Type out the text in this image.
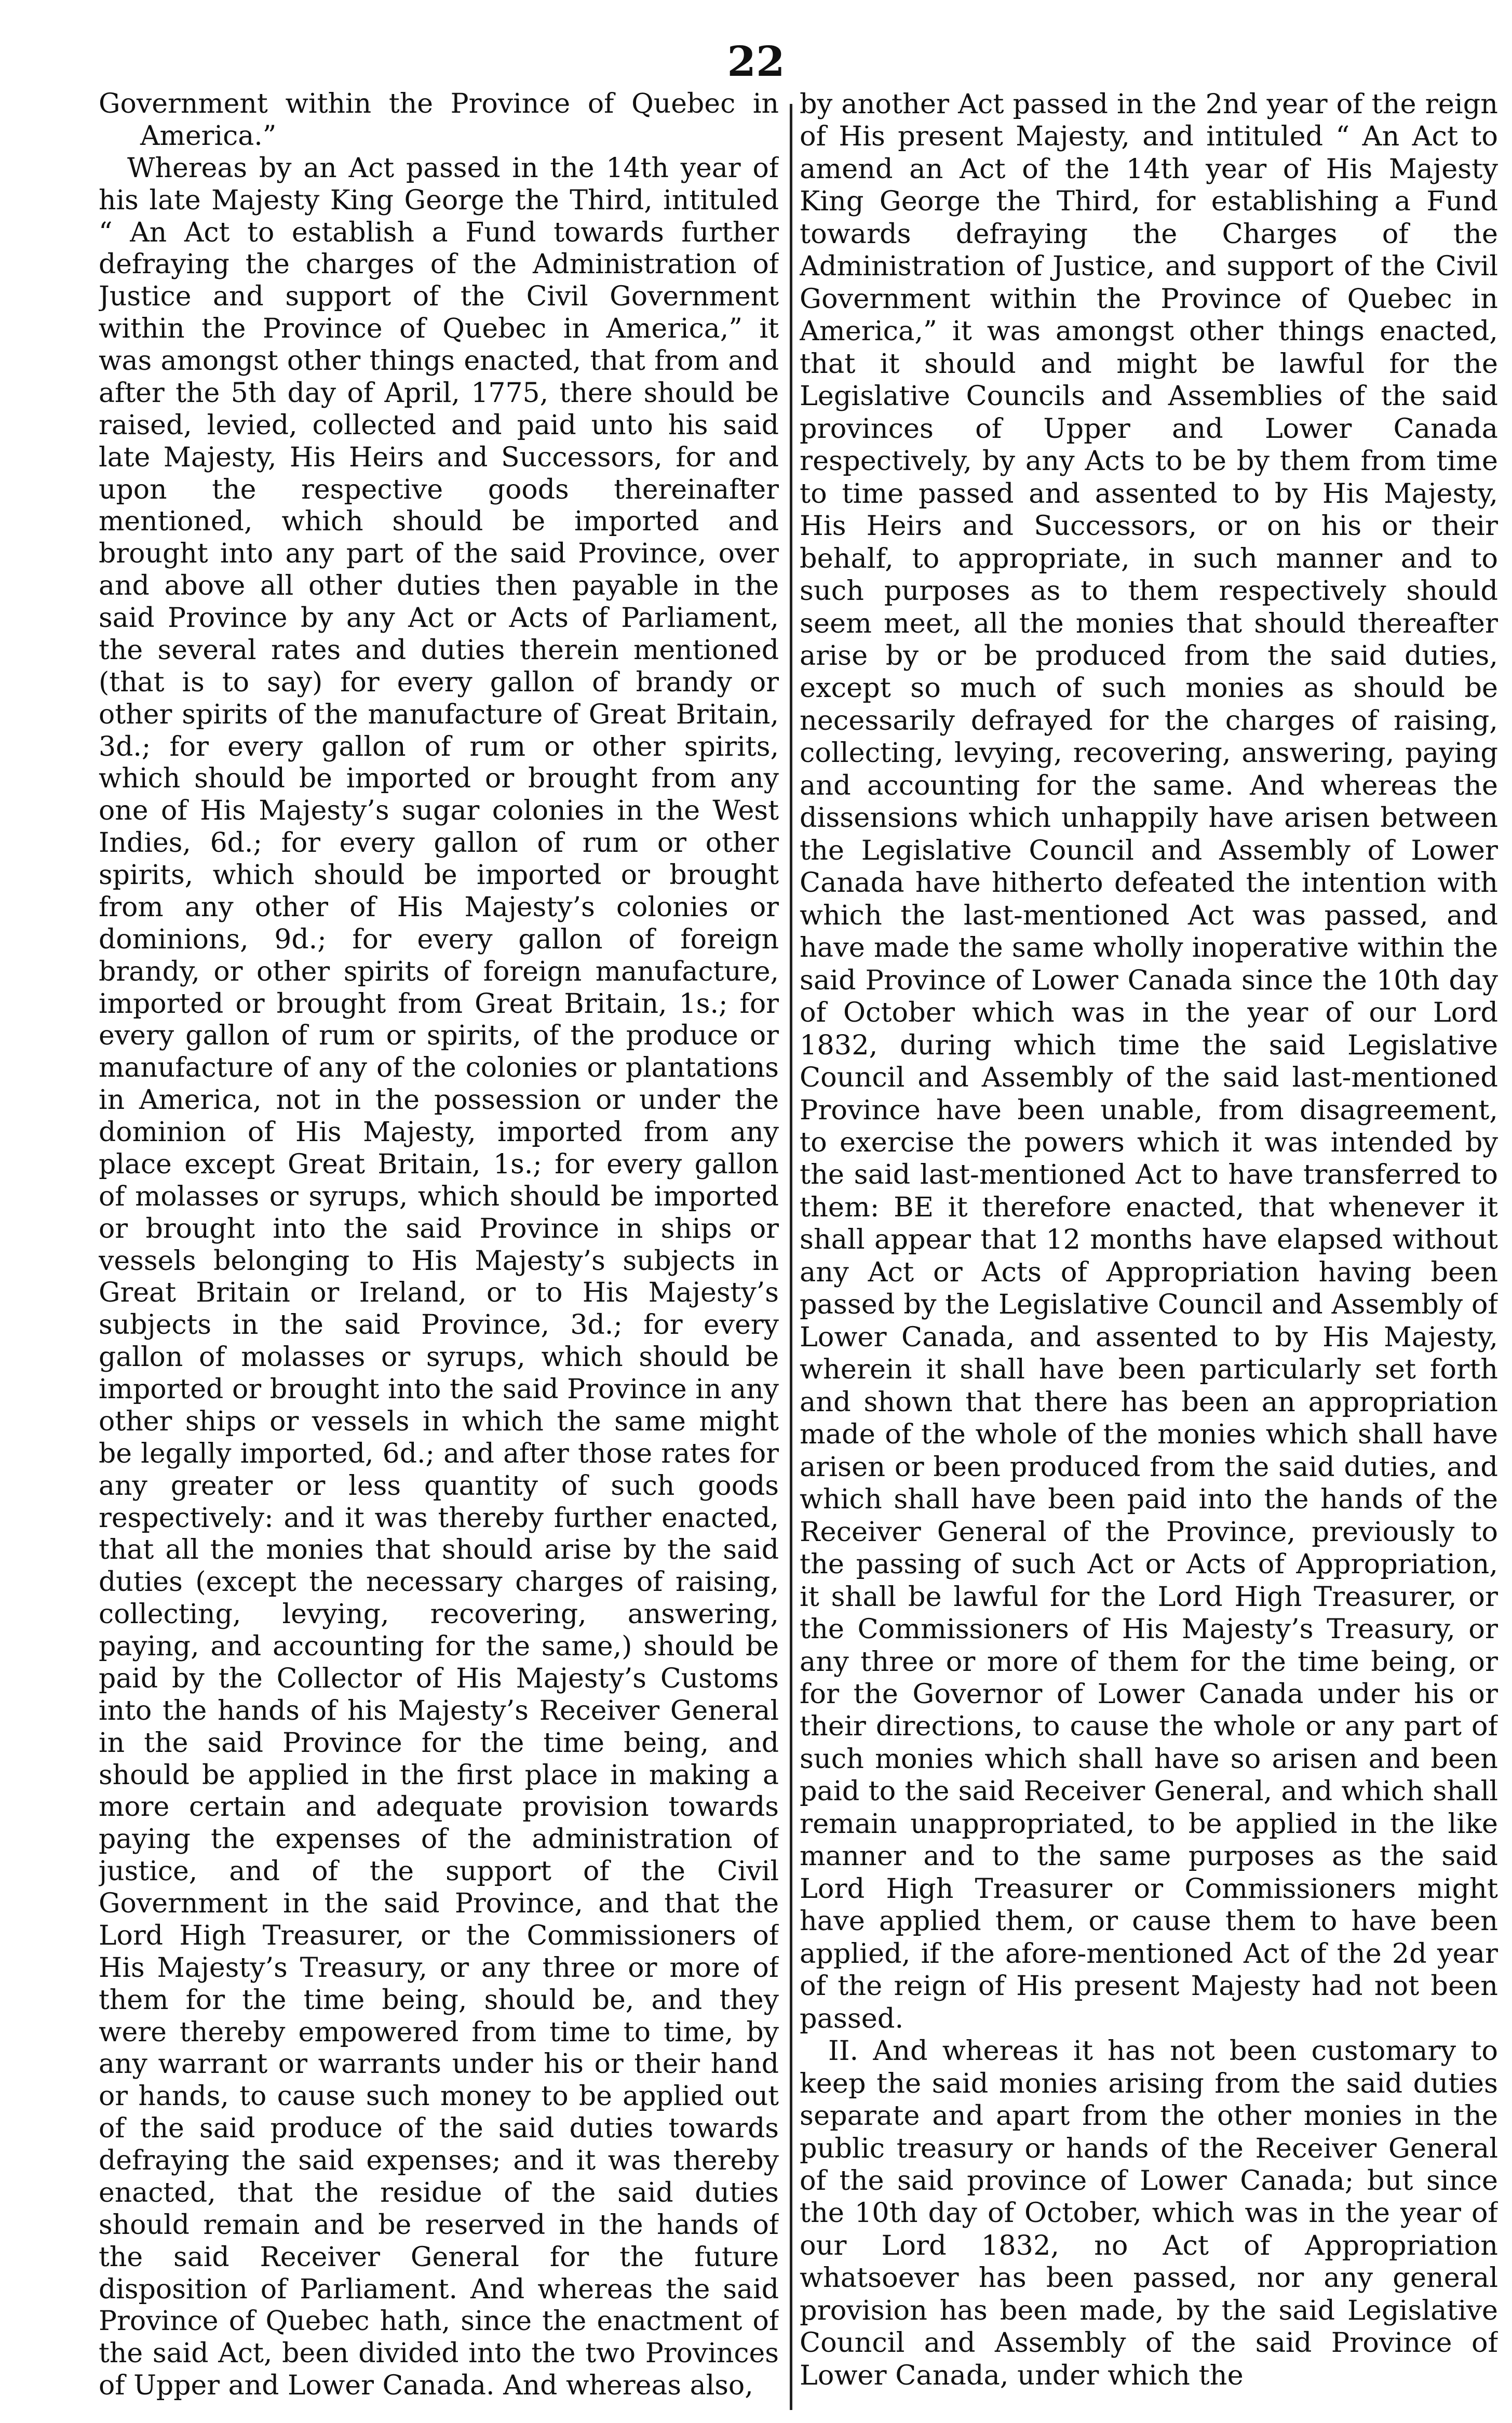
22

Government within the Province of Quebec in America.”

Whereas by an Act passed in the 14th year of his late Majesty King George the Third, intituled “ An Act to establish a Fund towards further defraying the charges of the Administration of Justice and support of the Civil Government within the Province of Quebec in America,” it was amongst other things enacted, that from and after the 5th day of April, 1775, there should be raised, levied, collected and paid unto his said late Majesty, His Heirs and Successors, for and upon the respective goods thereinafter mentioned, which should be imported and brought into any part of the said Province, over and above all other duties then payable in the said Province by any Act or Acts of Parliament, the several rates and duties therein mentioned (that is to say) for every gallon of brandy or other spirits of the manufacture of Great Britain, 3d.; for every gallon of rum or other spirits, which should be imported or brought from any one of His Majesty’s sugar colonies in the West Indies, 6d.; for every gallon of rum or other spirits, which should be imported or brought from any other of His Majesty’s colonies or dominions, 9d.; for every gallon of foreign brandy, or other spirits of foreign manufacture, imported or brought from Great Britain, 1s.; for every gallon of rum or spirits, of the produce or manufacture of any of the colonies or plantations in America, not in the possession or under the dominion of His Majesty, imported from any place except Great Britain, 1s.; for every gallon of molasses or syrups, which should be imported or brought into the said Province in ships or vessels belonging to His Majesty’s subjects in Great Britain or Ireland, or to His Majesty’s subjects in the said Province, 3d.; for every gallon of molasses or syrups, which should be imported or brought into the said Province in any other ships or vessels in which the same might be legally imported, 6d.; and after those rates for any greater or less quantity of such goods respectively: and it was thereby further enacted, that all the monies that should arise by the said duties (except the necessary charges of raising, collecting, levying, recovering, answering, paying, and accounting for the same,) should be paid by the Collector of His Majesty’s Customs into the hands of his Majesty’s Receiver General in the said Province for the time being, and should be applied in the first place in making a more certain and adequate provision towards paying the expenses of the administration of justice, and of the support of the Civil Government in the said Province, and that the Lord High Treasurer, or the Commissioners of His Majesty’s Treasury, or any three or more of them for the time being, should be, and they were thereby empowered from time to time, by any warrant or warrants under his or their hand or hands, to cause such money to be applied out of the said produce of the said duties towards defraying the said expenses; and it was thereby enacted, that the residue of the said duties should remain and be reserved in the hands of the said Receiver General for the future disposition of Parliament. And whereas the said Province of Quebec hath, since the enactment of the said Act, been divided into the two Provinces of Upper and Lower Canada. And whereas also,

by another Act passed in the 2nd year of the reign of His present Majesty, and intituled “ An Act to amend an Act of the 14th year of His Majesty King George the Third, for establishing a Fund towards defraying the Charges of the Administration of Justice, and support of the Civil Government within the Province of Quebec in America,” it was amongst other things enacted, that it should and might be lawful for the Legislative Councils and Assemblies of the said provinces of Upper and Lower Canada respectively, by any Acts to be by them from time to time passed and assented to by His Majesty, His Heirs and Successors, or on his or their behalf, to appropriate, in such manner and to such purposes as to them respectively should seem meet, all the monies that should thereafter arise by or be produced from the said duties, except so much of such monies as should be necessarily defrayed for the charges of raising, collecting, levying, recovering, answering, paying and accounting for the same. And whereas the dissensions which unhappily have arisen between the Legislative Council and Assembly of Lower Canada have hitherto defeated the intention with which the last-mentioned Act was passed, and have made the same wholly inoperative within the said Province of Lower Canada since the 10th day of October which was in the year of our Lord 1832, during which time the said Legislative Council and Assembly of the said last-mentioned Province have been unable, from disagreement, to exercise the powers which it was intended by the said last-mentioned Act to have transferred to them: BE it therefore enacted, that whenever it shall appear that 12 months have elapsed without any Act or Acts of Appropriation having been passed by the Legislative Council and Assembly of Lower Canada, and assented to by His Majesty, wherein it shall have been particularly set forth and shown that there has been an appropriation made of the whole of the monies which shall have arisen or been produced from the said duties, and which shall have been paid into the hands of the Receiver General of the Province, previously to the passing of such Act or Acts of Appropriation, it shall be lawful for the Lord High Treasurer, or the Commissioners of His Majesty’s Treasury, or any three or more of them for the time being, or for the Governor of Lower Canada under his or their directions, to cause the whole or any part of such monies which shall have so arisen and been paid to the said Receiver General, and which shall remain unappropriated, to be applied in the like manner and to the same purposes as the said Lord High Treasurer or Commissioners might have applied them, or cause them to have been applied, if the afore-mentioned Act of the 2d year of the reign of His present Majesty had not been passed.

II. And whereas it has not been customary to keep the said monies arising from the said duties separate and apart from the other monies in the public treasury or hands of the Receiver General of the said province of Lower Canada; but since the 10th day of October, which was in the year of our Lord 1832, no Act of Appropriation whatsoever has been passed, nor any general provision has been made, by the said Legislative Council and Assembly of the said Province of Lower Canada, under which the
